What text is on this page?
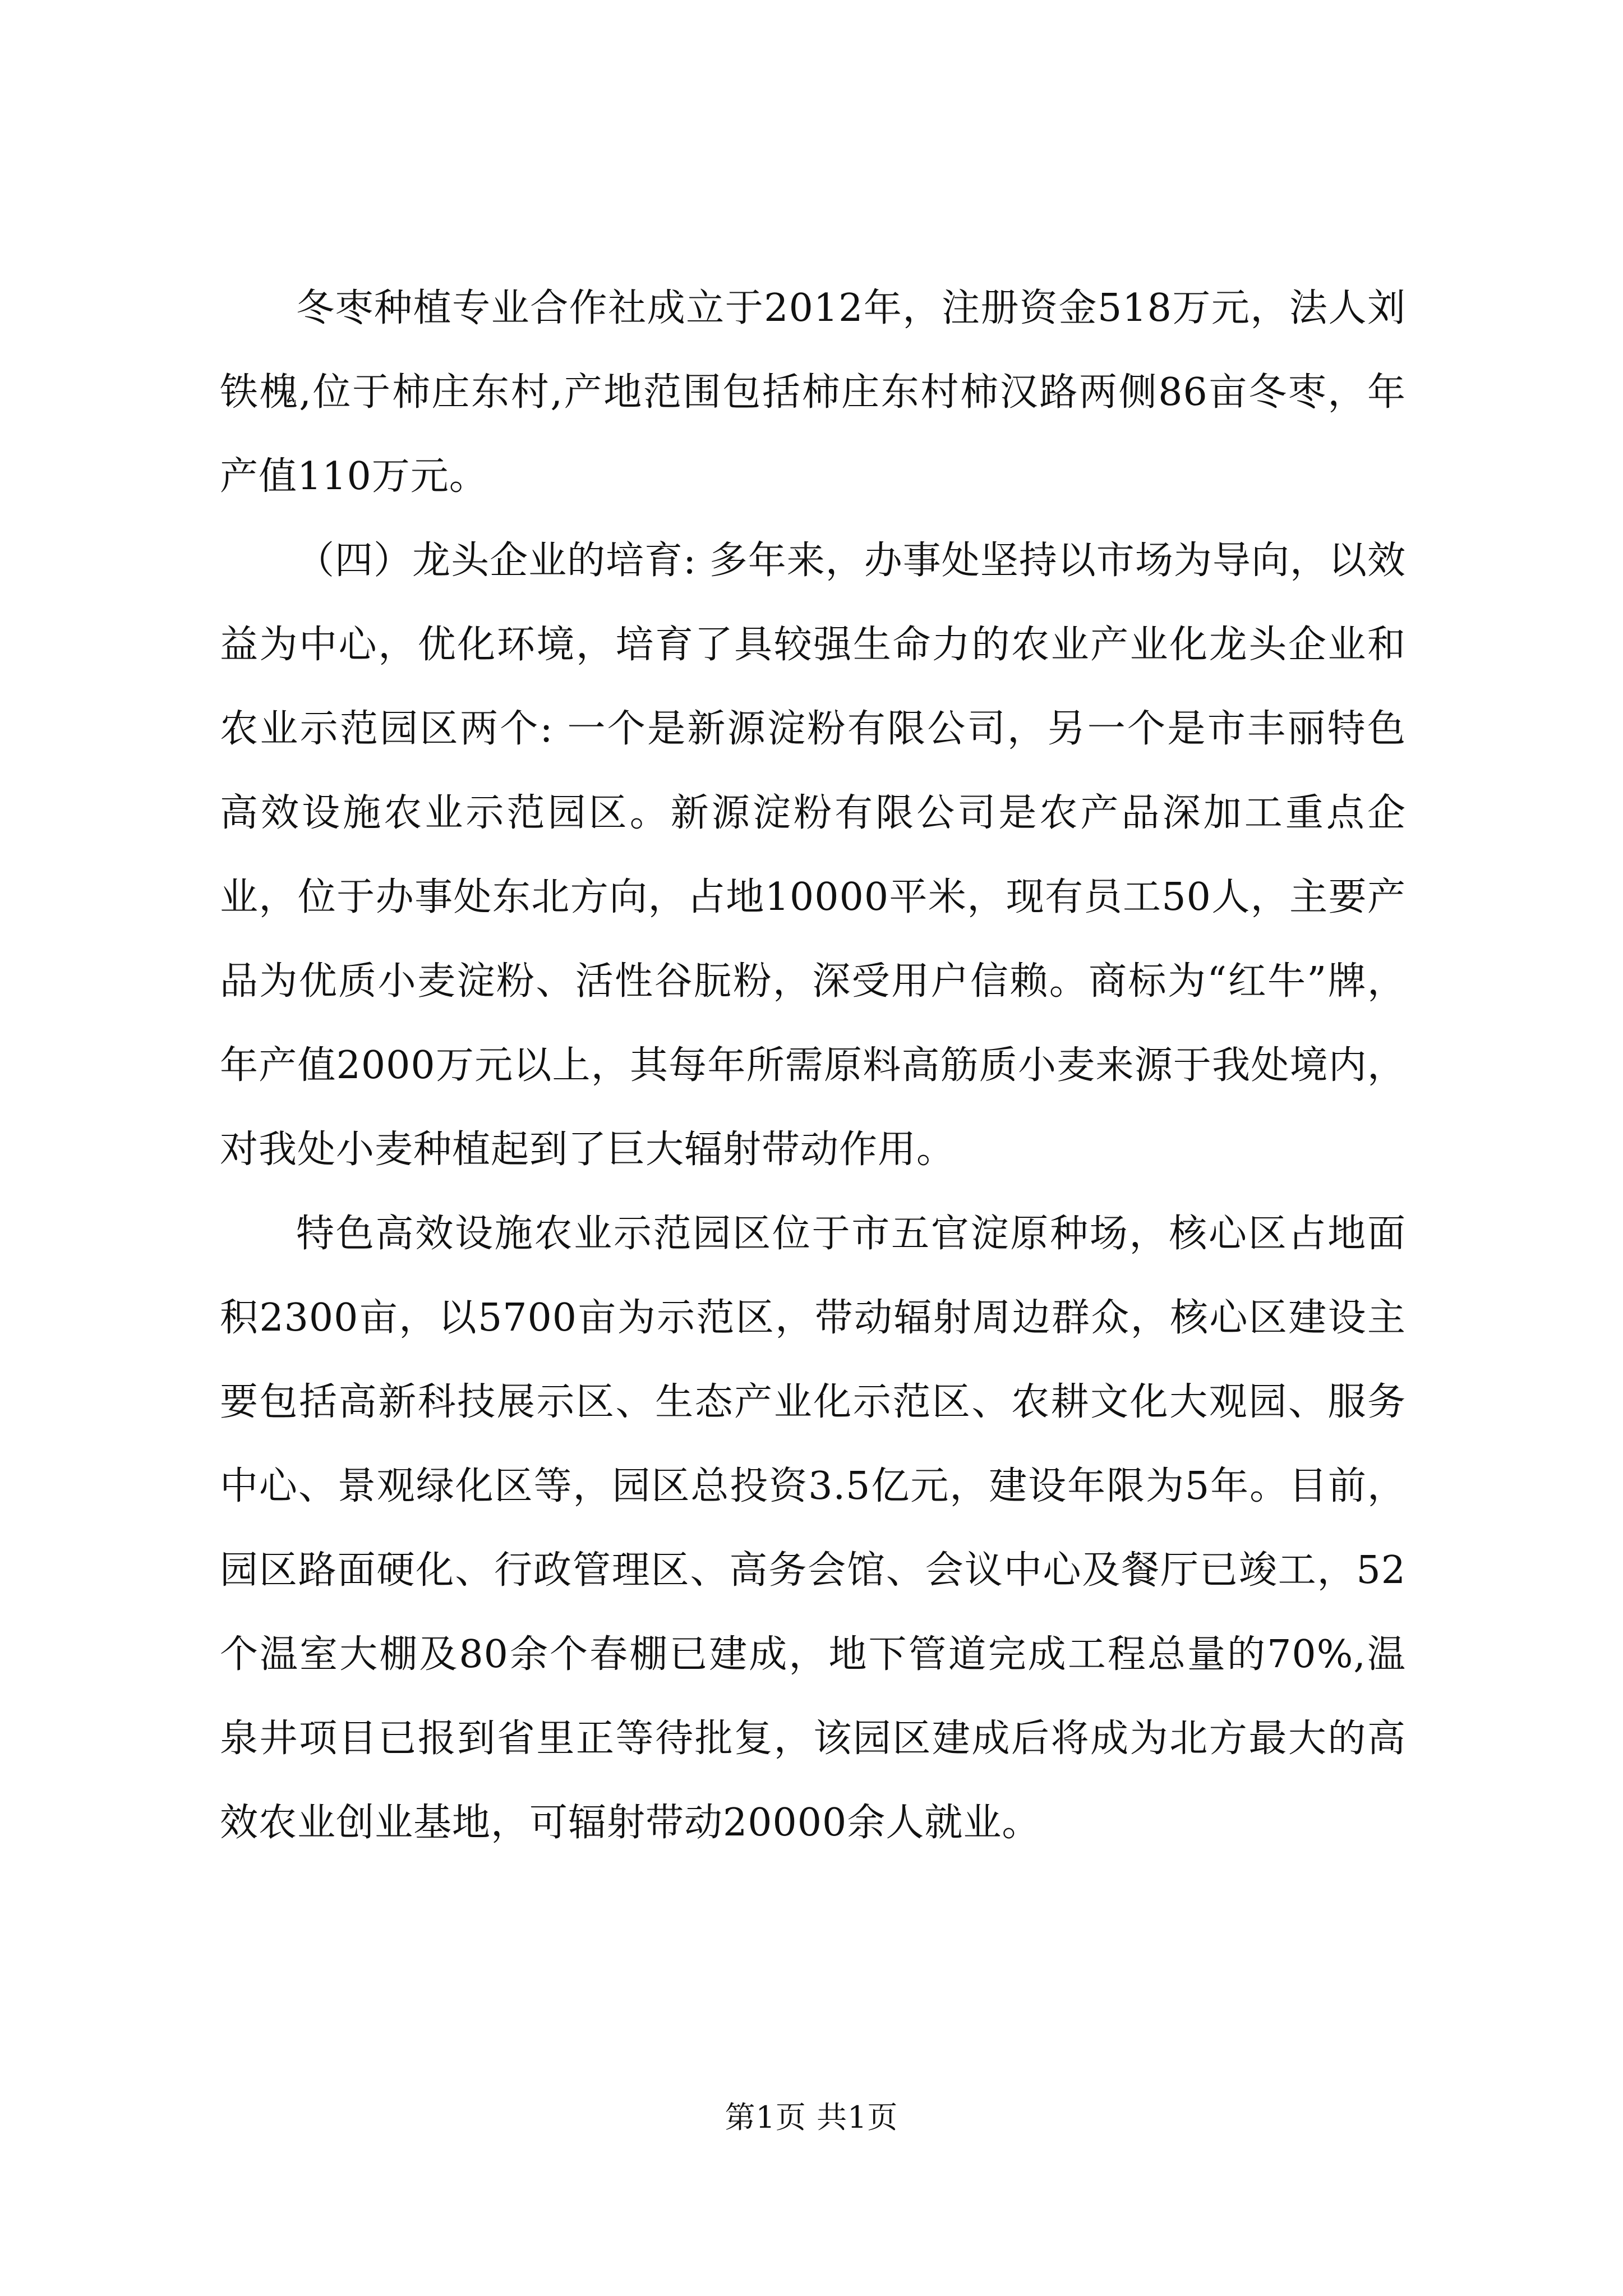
冬枣种植专业合作社成立于2012年，注册资金518万元，法人刘铁槐,位于柿庄东村,产地范围包括柿庄东村柿汉路两侧86亩冬枣，年产值110万元。

（四）龙头企业的培育: 多年来，办事处坚持以市场为导向，以效益为中心，优化环境，培育了具较强生命力的农业产业化龙头企业和农业示范园区两个: 一个是新源淀粉有限公司，另一个是市丰丽特色高效设施农业示范园区。新源淀粉有限公司是农产品深加工重点企业，位于办事处东北方向，占地10000平米，现有员工50人，主要产品为优质小麦淀粉、活性谷朊粉，深受用户信赖。商标为“红牛”牌，年产值2000万元以上，其每年所需原料高筋质小麦来源于我处境内，对我处小麦种植起到了巨大辐射带动作用。

特色高效设施农业示范园区位于市五官淀原种场，核心区占地面积2300亩，以5700亩为示范区，带动辐射周边群众，核心区建设主要包括高新科技展示区、生态产业化示范区、农耕文化大观园、服务中心、景观绿化区等，园区总投资3.5亿元，建设年限为5年。目前，园区路面硬化、行政管理区、高务会馆、会议中心及餐厅已竣工，52个温室大棚及80余个春棚已建成，地下管道完成工程总量的70%,温泉井项目已报到省里正等待批复，该园区建成后将成为北方最大的高效农业创业基地，可辐射带动20000余人就业。

第1页 共1页
